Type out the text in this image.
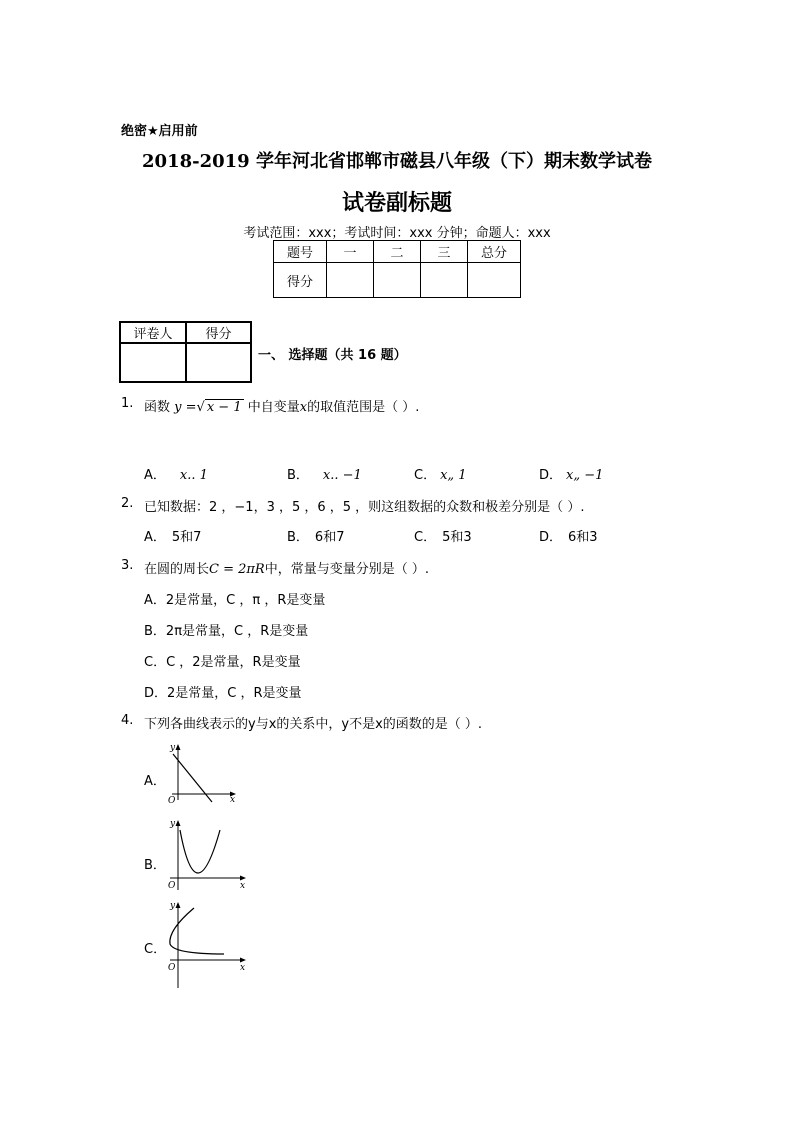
绝密★启用前
2018-2019 学年河北省邯郸市磁县八年级（下）期末数学试卷
试卷副标题
考试范围：xxx；考试时间：xxx 分钟；命题人：xxx
题号	一	二	三	总分
得分				
评卷人	得分

一、 选择题（共 16 题）
1. 函数 y =√ x − 1 中自变量x的取值范围是（ ）.
A． x.. 1	B． x.. −1	C． x„ 1	D． x„ −1
2. 已知数据：2 ，−1，3 ，5 ，6 ，5 ，则这组数据的众数和极差分别是（ ）.
A． 5和7	B． 6和7	C． 5和3	D． 6和3
3. 在圆的周长C = 2πR中，常量与变量分别是（ ）.
A．2是常量，C ，π ，R是变量
B．2π是常量，C ，R是变量
C．C ，2是常量，R是变量
D．2是常量，C ，R是变量
4. 下列各曲线表示的y与x的关系中，y不是x的函数的是（ ）.
A．
y
x
O
B．
y
x
O
C．
y
x
O
